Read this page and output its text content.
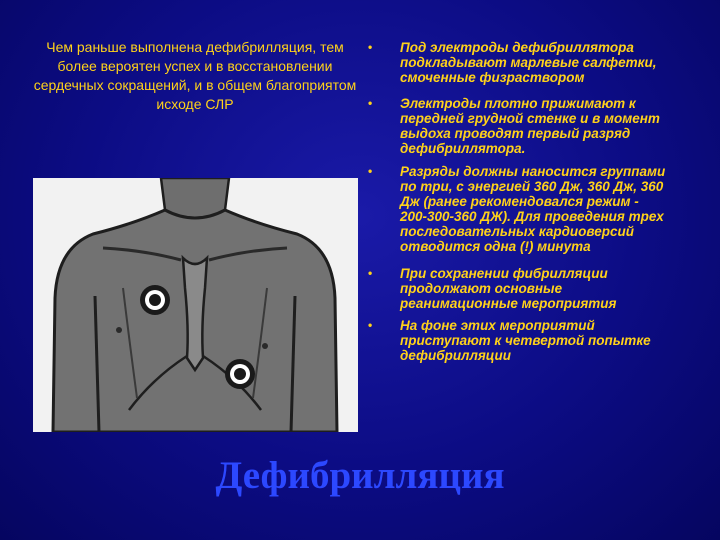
Чем раньше выполнена дефибрилляция, тем более вероятен успех и в восстановлении сердечных сокращений, и в общем благоприятом исходе СЛР
• Под электроды дефибриллятора подкладывают марлевые салфетки, смоченные физраствором
• Электроды плотно прижимают к передней грудной стенке и в момент выдоха проводят первый разряд дефибриллятора.
• Разряды должны наносится группами по три, с энергией 360 Дж, 360 Дж, 360 Дж (ранее рекомендовался режим - 200-300-360 ДЖ). Для проведения трех последовательных кардиоверсий отводится одна (!) минута
• При сохранении фибрилляции продолжают основные реанимационные мероприятия
• На фоне этих мероприятий приступают к четвертой попытке дефибрилляции
Дефибрилляция
